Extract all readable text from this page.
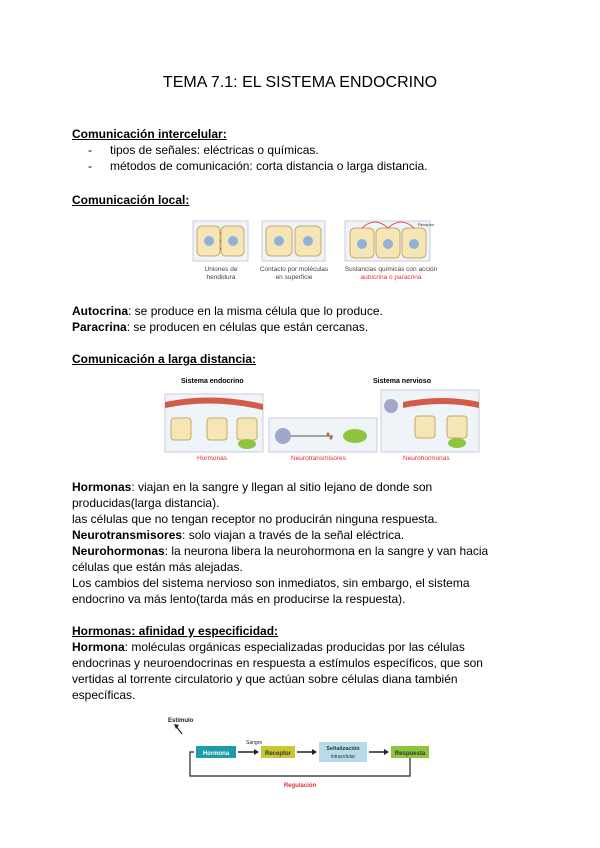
TEMA 7.1: EL SISTEMA ENDOCRINO
Comunicación intercelular:
- tipos de señales: eléctricas o químicas.
- métodos de comunicación: corta distancia o larga distancia.
Comunicación local:
Receptor
Uniones de
hendidura
Contacto por moléculas
en superficie
Sustancias químicas con acción
autocrina o paracrina
Autocrina: se produce en la misma célula que lo produce.
Paracrina: se producen en células que están cercanas.
Comunicación a larga distancia:
Sistema endocrino	Sistema nervioso
Hormonas	Neurotransmisores	Neurohormonas
Hormonas: viajan en la sangre y llegan al sitio lejano de donde son
producidas(larga distancia).
las células que no tengan receptor no producirán ninguna respuesta.
Neurotransmisores: solo viajan a través de la señal eléctrica.
Neurohormonas: la neurona libera la neurohormona en la sangre y van hacia
células que están más alejadas.
Los cambios del sistema nervioso son inmediatos, sin embargo, el sistema
endocrino va más lento(tarda más en producirse la respuesta).
Hormonas: afinidad y especificidad:
Hormona: moléculas orgánicas especializadas producidas por las células
endocrinas y neuroendocrinas en respuesta a estímulos específicos, que son
vertidas al torrente circulatorio y que actúan sobre células diana también
específicas.
Estímulo
Hormona
Sangre
Receptor
Señalización
intracelular	Respuesta
Regulación
